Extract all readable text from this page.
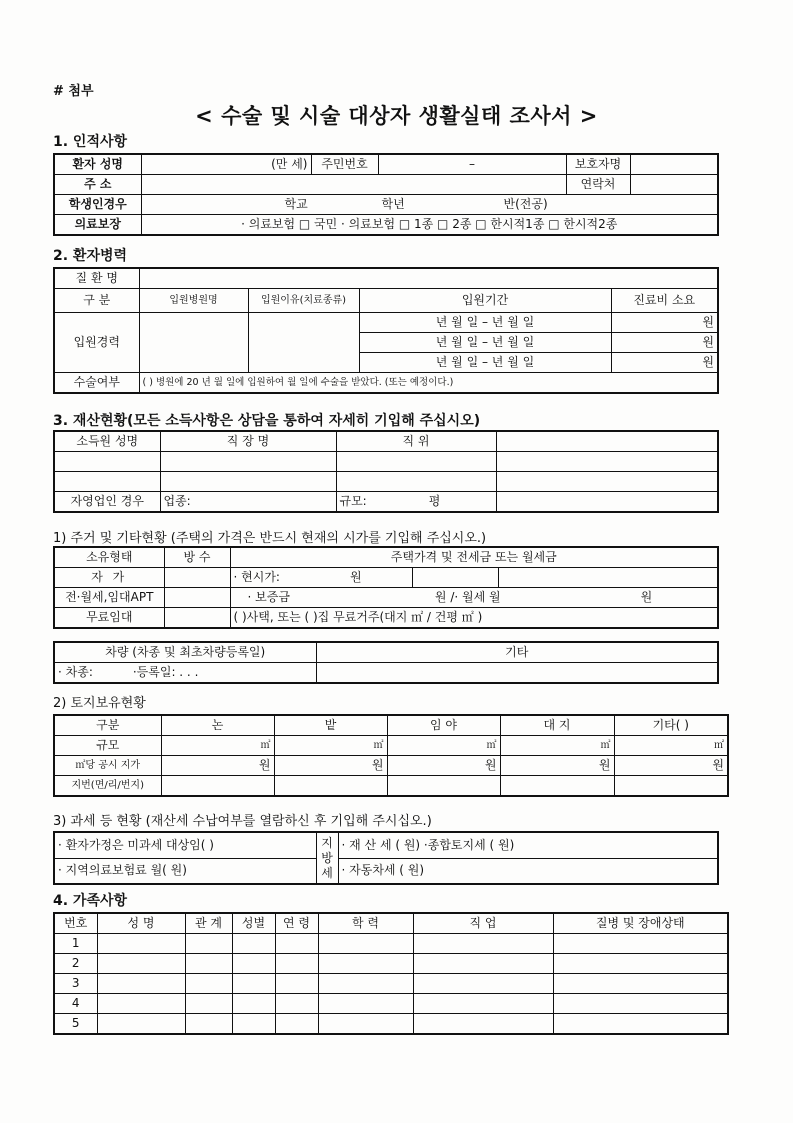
# 첨부
< 수술 및 시술 대상자 생활실태 조사서 >
1. 인적사항
환자 성명	(만 세)	주민번호	–	보호자명	
주 소				연락처	
학생인경우	학교 학년 반(전공)				
의료보장	· 의료보험 □ 국민 · 의료보험 □ 1종 □ 2종 □ 한시적1종 □ 한시적2종				
2. 환자병력
질 환 명				
구 분	입원병원명	입원이유(치료종류)	입원기간	진료비 소요
입원경력			년 월 일 – 년 월 일	원
			년 월 일 – 년 월 일	원
			년 월 일 – 년 월 일	원
수술여부	( ) 병원에 20 년 월 일에 입원하여 월 일에 수술을 받았다. (또는 예정이다.)			
3. 재산현황(모든 소득사항은 상담을 통하여 자세히 기입해 주십시오)
소득원 성명	직 장 명	직 위	

자영업인 경우	업종:	규모: 평	
1) 주거 및 기타현황 (주택의 가격은 반드시 현재의 시가를 기입해 주십시오.)
소유형태	방 수	주택가격 및 전세금 또는 월세금		
자 가		· 현시가: 원		
전·월세,임대APT		· 보증금 원 /· 월세 월 원		
무료임대		( )사택, 또는 ( )집 무료거주(대지 ㎡ / 건평 ㎡ )		
차량 (차종 및 최초차량등록일)	기타
· 차종: ·등록일: . . .	
2) 토지보유현황
구분	논	밭	임 야	대 지	기타( )
규모	㎡	㎡	㎡	㎡	㎡
㎡당 공시 지가	원	원	원	원	원
지번(면/리/번지)					
3) 과세 등 현황 (재산세 수납여부를 열람하신 후 기입해 주시십오.)
· 환자가정은 미과세 대상임( )	지방세	· 재 산 세 ( 원) ·종합토지세 ( 원)
· 지역의료보험료 월( 원)		· 자동차세 ( 원)
4. 가족사항
번호	성 명	관 계	성별	연 령	학 력	직 업	질병 및 장애상태
1							
2							
3							
4							
5							
